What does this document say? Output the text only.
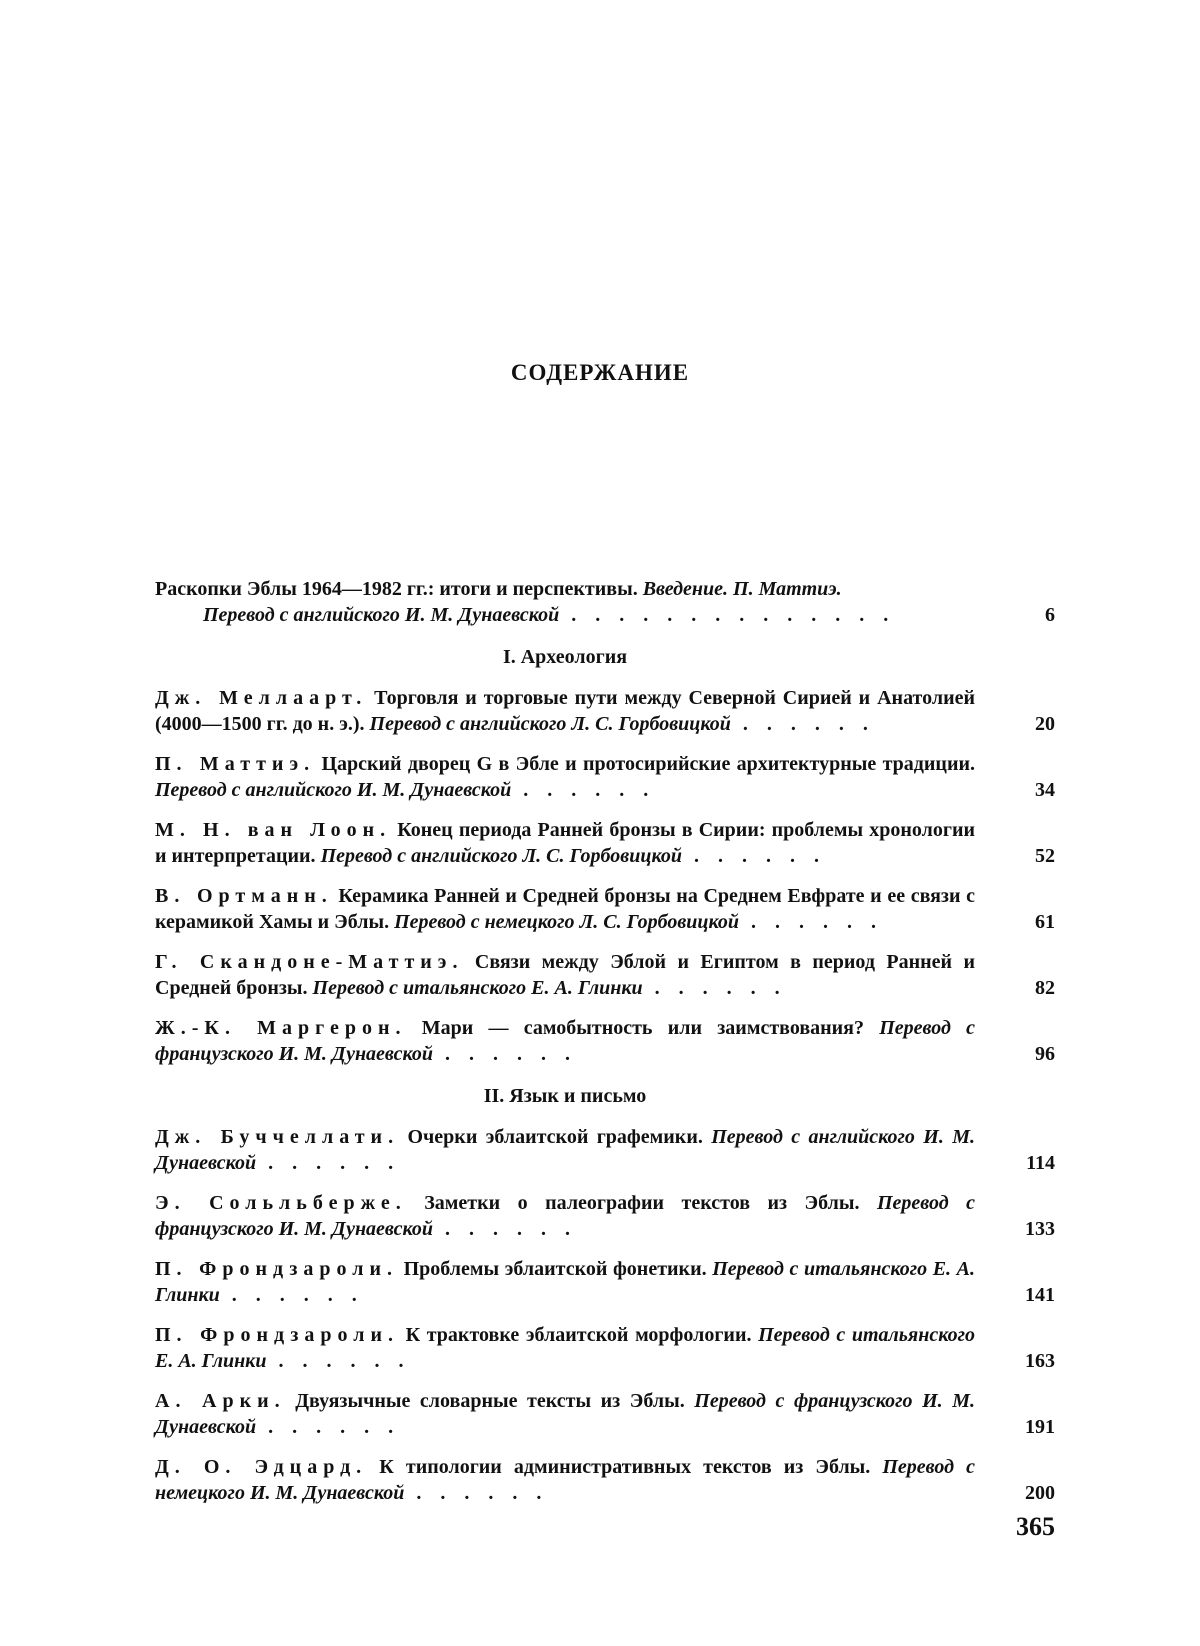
СОДЕРЖАНИЕ
Раскопки Эблы 1964—1982 гг.: итоги и перспективы. Введение. П. Маттиэ.
Перевод с английского И. М. Дунаевской . . . . . . . . . . . . . .	6
I. Археология
Дж. Меллаарт. Торговля и торговые пути между Северной Сирией и Анатолией (4000—1500 гг. до н. э.). Перевод с английского Л. С. Горбовицкой . . . . . .	20
П. Маттиэ. Царский дворец G в Эбле и протосирийские архитектурные традиции. Перевод с английского И. М. Дунаевской . . . . . .	34
М. Н. ван Лоон. Конец периода Ранней бронзы в Сирии: проблемы хронологии и интерпретации. Перевод с английского Л. С. Горбовицкой . . . . . .	52
В. Ортманн. Керамика Ранней и Средней бронзы на Среднем Евфрате и ее связи с керамикой Хамы и Эблы. Перевод с немецкого Л. С. Горбовицкой . . . . . .	61
Г. Скандоне-Маттиэ. Связи между Эблой и Египтом в период Ранней и Средней бронзы. Перевод с итальянского Е. А. Глинки . . . . . .	82
Ж.-К. Маргерон. Мари — самобытность или заимствования? Перевод с французского И. М. Дунаевской . . . . . .	96
II. Язык и письмо
Дж. Буччеллати. Очерки эблаитской графемики. Перевод с английского И. М. Дунаевской . . . . . .	114
Э. Сольльберже. Заметки о палеографии текстов из Эблы. Перевод с французского И. М. Дунаевской . . . . . .	133
П. Фрондзароли. Проблемы эблаитской фонетики. Перевод с итальянского Е. А. Глинки . . . . . .	141
П. Фрондзароли. К трактовке эблаитской морфологии. Перевод с итальянского Е. А. Глинки . . . . . .	163
А. Арки. Двуязычные словарные тексты из Эблы. Перевод с французского И. М. Дунаевской . . . . . .	191
Д. О. Эдцард. К типологии административных текстов из Эблы. Перевод с немецкого И. М. Дунаевской . . . . . .	200
365
